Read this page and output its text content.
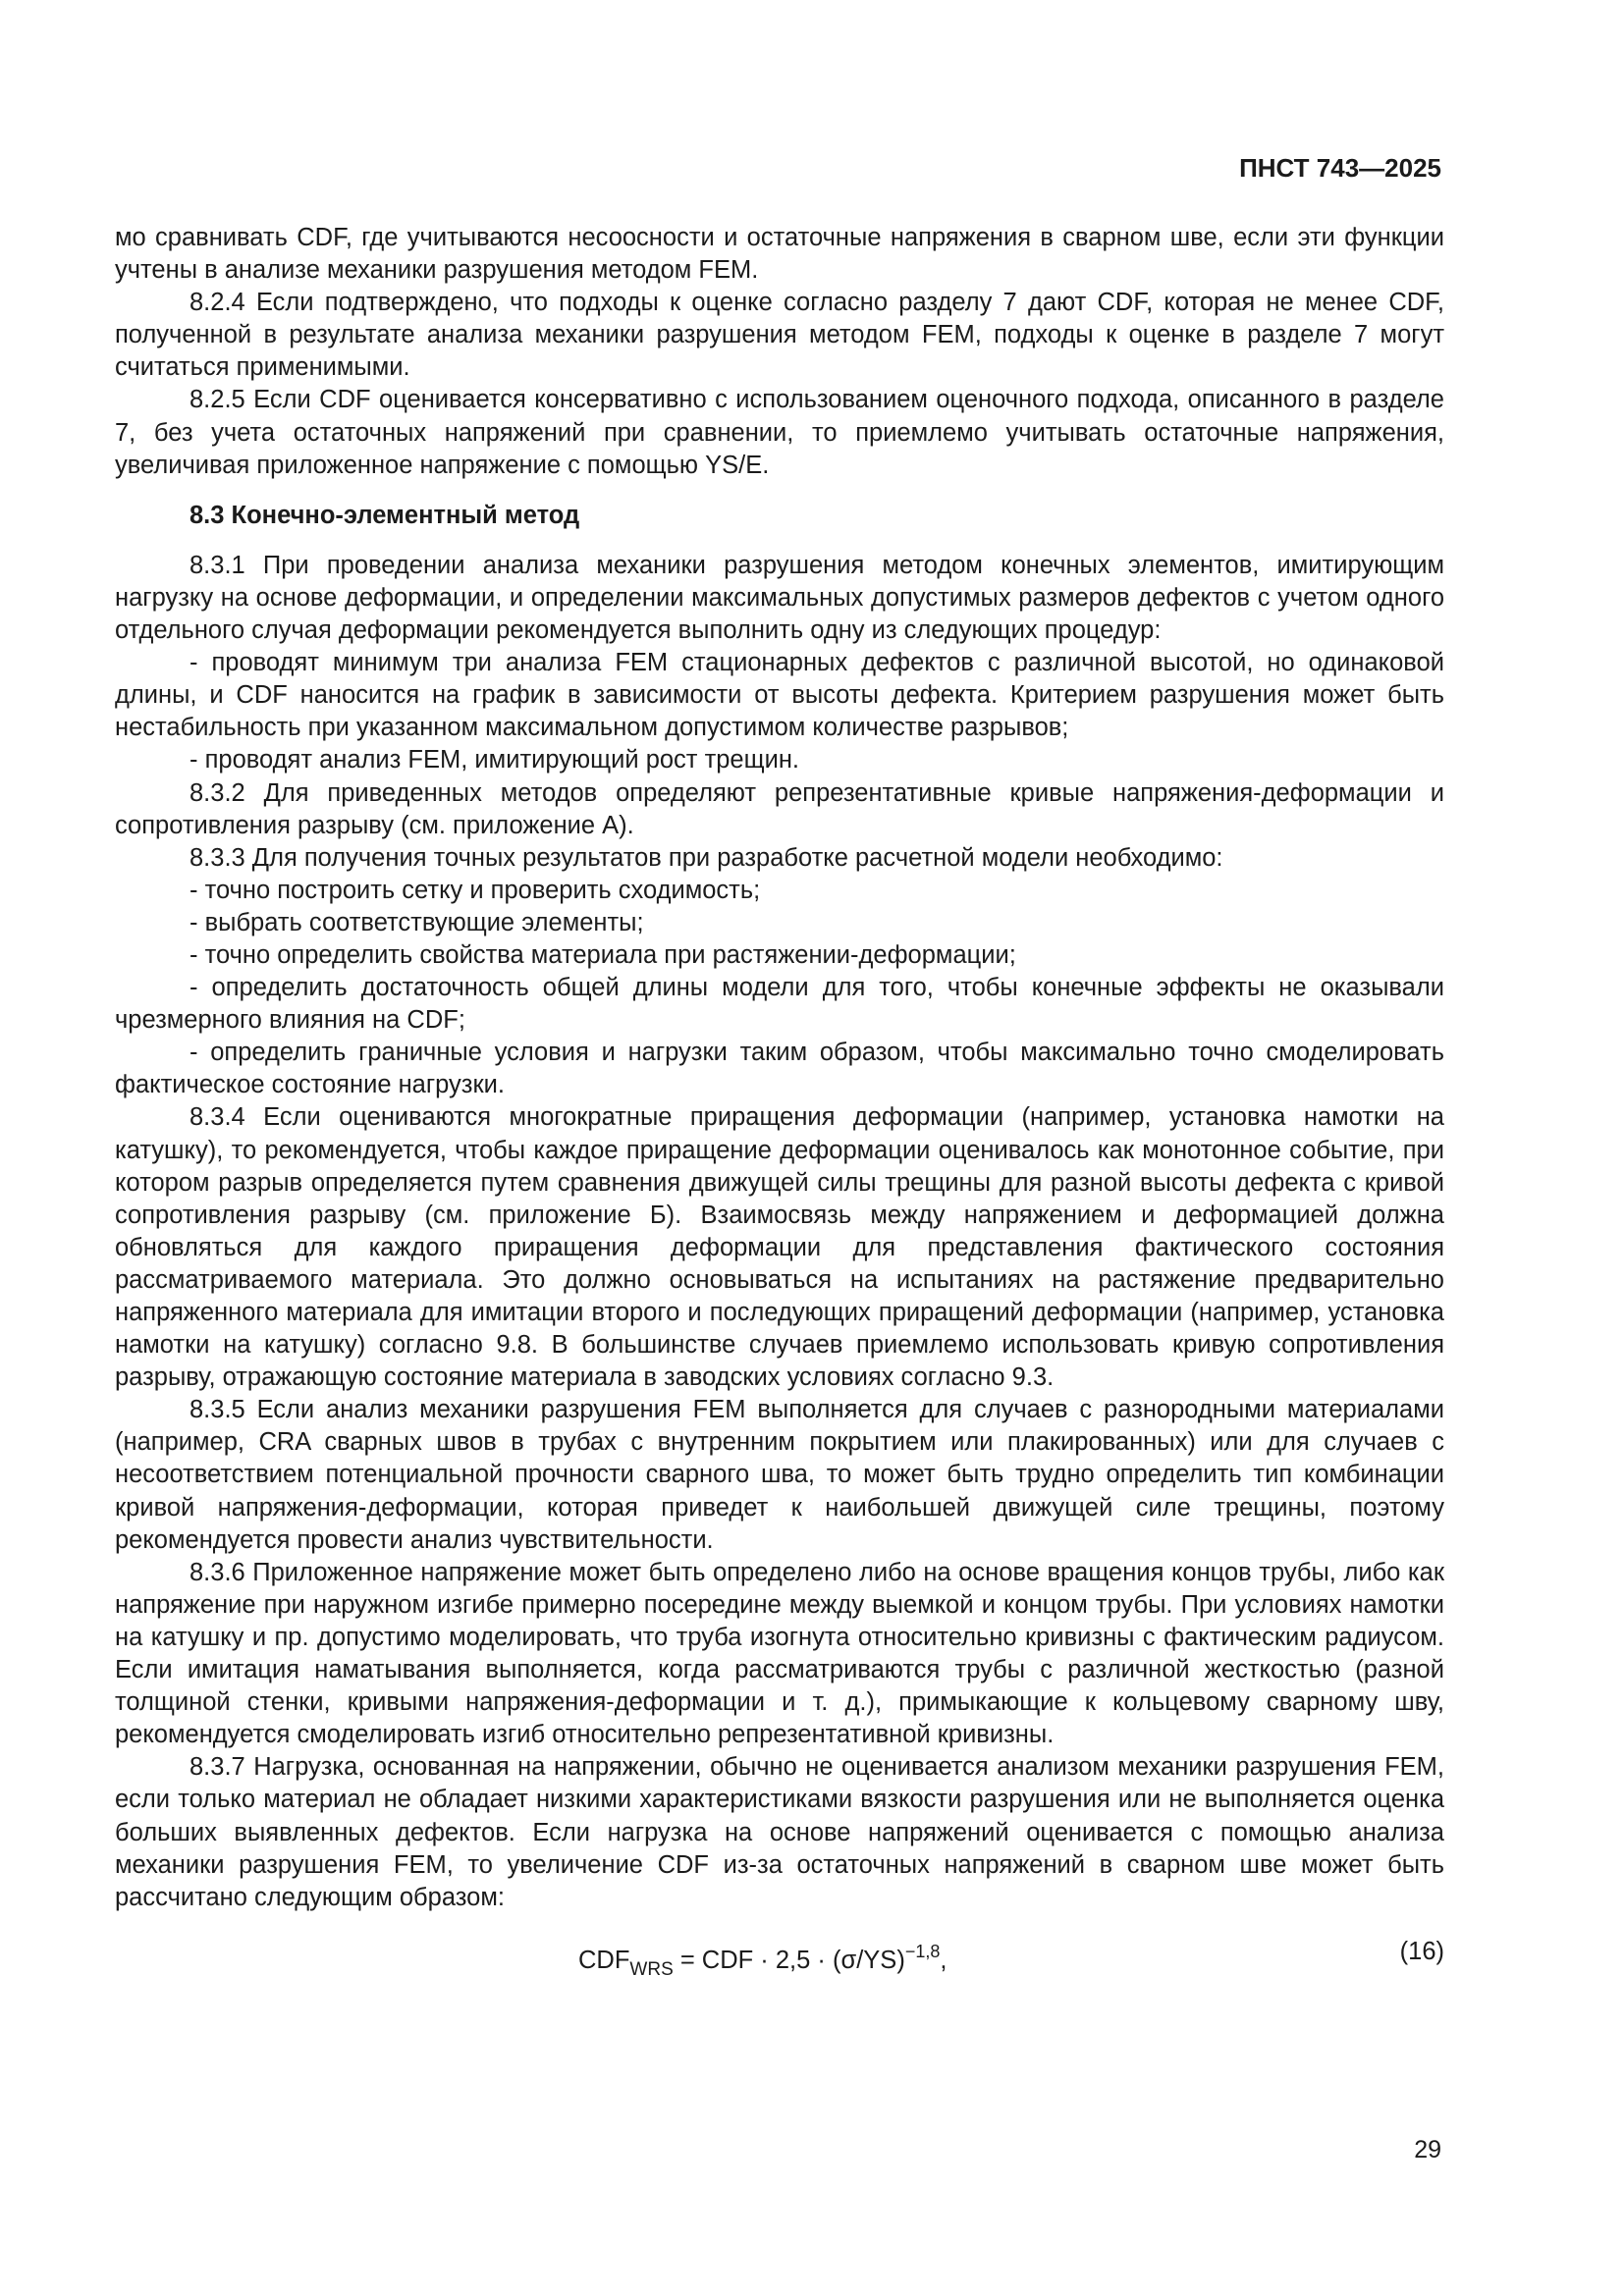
ПНСТ 743—2025

мо сравнивать CDF, где учитываются несоосности и остаточные напряжения в сварном шве, если эти функции учтены в анализе механики разрушения методом FEM.

8.2.4 Если подтверждено, что подходы к оценке согласно разделу 7 дают CDF, которая не менее CDF, полученной в результате анализа механики разрушения методом FEM, подходы к оценке в разделе 7 могут считаться применимыми.

8.2.5 Если CDF оценивается консервативно с использованием оценочного подхода, описанного в разделе 7, без учета остаточных напряжений при сравнении, то приемлемо учитывать остаточные напряжения, увеличивая приложенное напряжение с помощью YS/E.

8.3 Конечно-элементный метод

8.3.1 При проведении анализа механики разрушения методом конечных элементов, имитирующим нагрузку на основе деформации, и определении максимальных допустимых размеров дефектов с учетом одного отдельного случая деформации рекомендуется выполнить одну из следующих процедур:

- проводят минимум три анализа FEM стационарных дефектов с различной высотой, но одинаковой длины, и CDF наносится на график в зависимости от высоты дефекта. Критерием разрушения может быть нестабильность при указанном максимальном допустимом количестве разрывов;

- проводят анализ FEM, имитирующий рост трещин.

8.3.2 Для приведенных методов определяют репрезентативные кривые напряжения-деформации и сопротивления разрыву (см. приложение А).

8.3.3 Для получения точных результатов при разработке расчетной модели необходимо:

- точно построить сетку и проверить сходимость;

- выбрать соответствующие элементы;

- точно определить свойства материала при растяжении-деформации;

- определить достаточность общей длины модели для того, чтобы конечные эффекты не оказывали чрезмерного влияния на CDF;

- определить граничные условия и нагрузки таким образом, чтобы максимально точно смоделировать фактическое состояние нагрузки.

8.3.4 Если оцениваются многократные приращения деформации (например, установка намотки на катушку), то рекомендуется, чтобы каждое приращение деформации оценивалось как монотонное событие, при котором разрыв определяется путем сравнения движущей силы трещины для разной высоты дефекта с кривой сопротивления разрыву (см. приложение Б). Взаимосвязь между напряжением и деформацией должна обновляться для каждого приращения деформации для представления фактического состояния рассматриваемого материала. Это должно основываться на испытаниях на растяжение предварительно напряженного материала для имитации второго и последующих приращений деформации (например, установка намотки на катушку) согласно 9.8. В большинстве случаев приемлемо использовать кривую сопротивления разрыву, отражающую состояние материала в заводских условиях согласно 9.3.

8.3.5 Если анализ механики разрушения FEM выполняется для случаев с разнородными материалами (например, CRA сварных швов в трубах с внутренним покрытием или плакированных) или для случаев с несоответствием потенциальной прочности сварного шва, то может быть трудно определить тип комбинации кривой напряжения-деформации, которая приведет к наибольшей движущей силе трещины, поэтому рекомендуется провести анализ чувствительности.

8.3.6 Приложенное напряжение может быть определено либо на основе вращения концов трубы, либо как напряжение при наружном изгибе примерно посередине между выемкой и концом трубы. При условиях намотки на катушку и пр. допустимо моделировать, что труба изогнута относительно кривизны с фактическим радиусом. Если имитация наматывания выполняется, когда рассматриваются трубы с различной жесткостью (разной толщиной стенки, кривыми напряжения-деформации и т. д.), примыкающие к кольцевому сварному шву, рекомендуется смоделировать изгиб относительно репрезентативной кривизны.

8.3.7 Нагрузка, основанная на напряжении, обычно не оценивается анализом механики разрушения FEM, если только материал не обладает низкими характеристиками вязкости разрушения или не выполняется оценка больших выявленных дефектов. Если нагрузка на основе напряжений оценивается с помощью анализа механики разрушения FEM, то увеличение CDF из-за остаточных напряжений в сварном шве может быть рассчитано следующим образом:

$CDF_{WRS}$ = CDF · $2,5 \cdot (\sigma/YS)^{-1,8}$,	(16)

29
